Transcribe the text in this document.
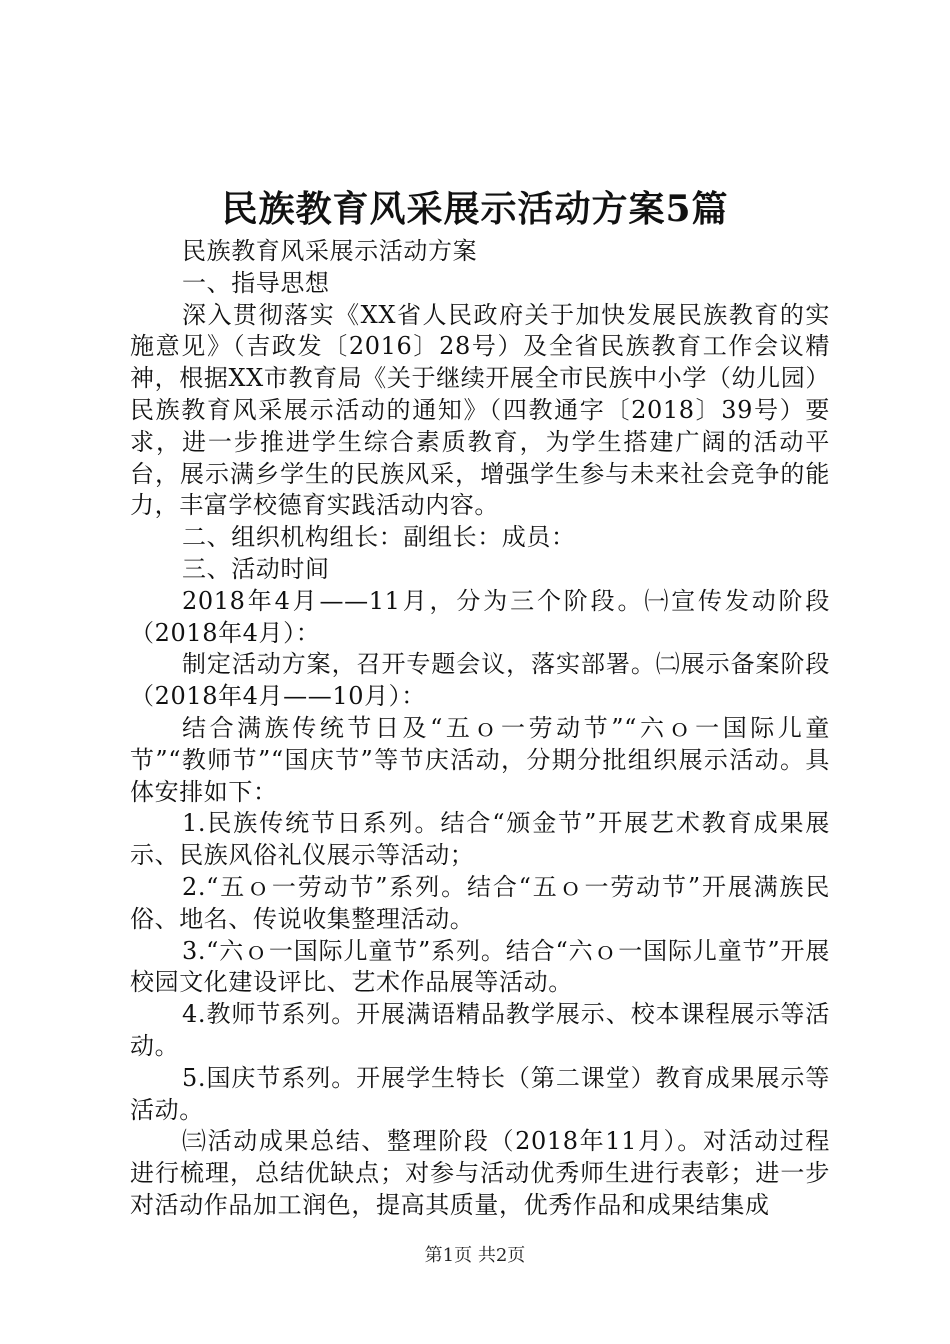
民族教育风采展示活动方案5篇

民族教育风采展示活动方案

一、指导思想

深入贯彻落实《XX省人民政府关于加快发展民族教育的实施意见》（吉政发〔2016〕28号）及全省民族教育工作会议精神，根据XX市教育局《关于继续开展全市民族中小学（幼儿园）民族教育风采展示活动的通知》（四教通字〔2018〕39号）要求，进一步推进学生综合素质教育，为学生搭建广阔的活动平台，展示满乡学生的民族风采，增强学生参与未来社会竞争的能力，丰富学校德育实践活动内容。

二、组织机构组长：副组长：成员：

三、活动时间

2018年4月——11月，分为三个阶段。㈠宣传发动阶段（2018年4月）：

制定活动方案，召开专题会议，落实部署。㈡展示备案阶段（2018年4月——10月）：

结合满族传统节日及“五ｏ一劳动节”“六ｏ一国际儿童节”“教师节”“国庆节”等节庆活动，分期分批组织展示活动。具体安排如下：

1.民族传统节日系列。结合“颁金节”开展艺术教育成果展示、民族风俗礼仪展示等活动；

2.“五ｏ一劳动节”系列。结合“五ｏ一劳动节”开展满族民俗、地名、传说收集整理活动。

3.“六ｏ一国际儿童节”系列。结合“六ｏ一国际儿童节”开展校园文化建设评比、艺术作品展等活动。

4.教师节系列。开展满语精品教学展示、校本课程展示等活动。

5.国庆节系列。开展学生特长（第二课堂）教育成果展示等活动。

㈢活动成果总结、整理阶段（2018年11月）。对活动过程进行梳理，总结优缺点；对参与活动优秀师生进行表彰；进一步对活动作品加工润色，提高其质量，优秀作品和成果结集成

第1页 共2页
